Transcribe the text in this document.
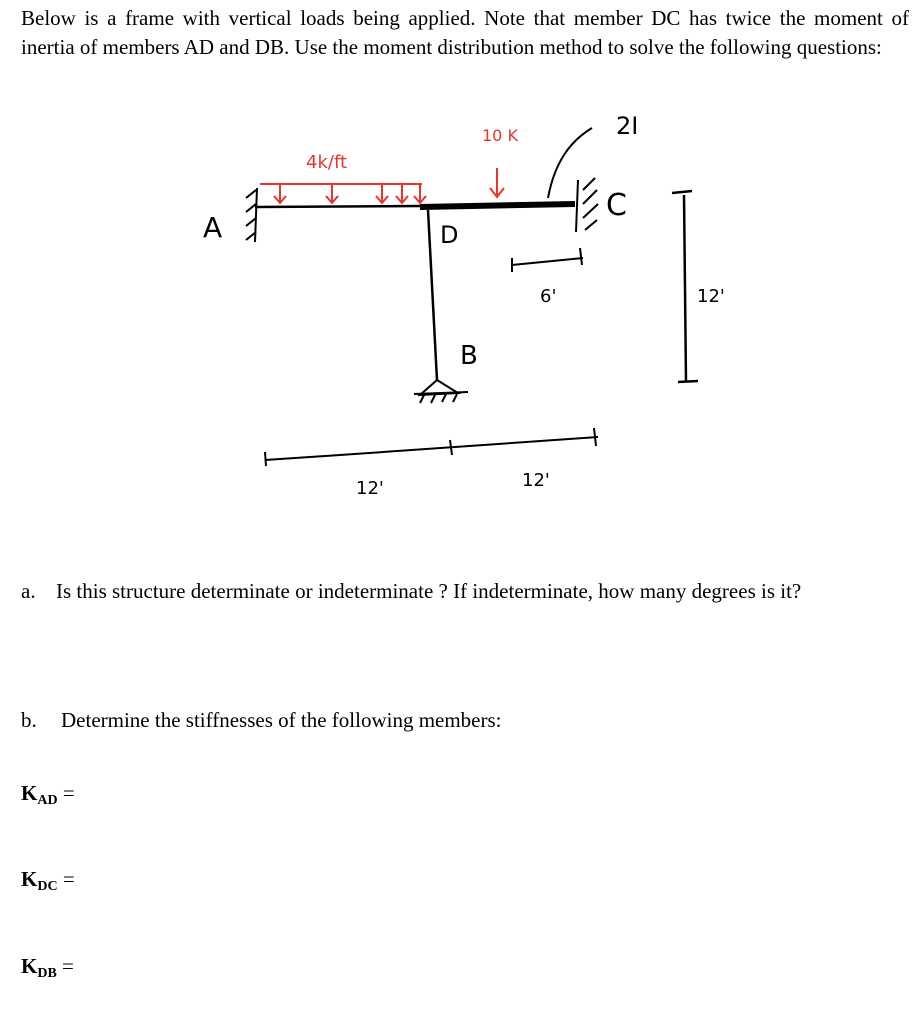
Below is a frame with vertical loads being applied. Note that member DC has twice the moment of inertia of members AD and DB. Use the moment distribution method to solve the following questions:

4k/ft
10 K	2I
A	D
B
C
6'	12'
12'	12'
a. Is this structure determinate or indeterminate ? If indeterminate, how many degrees is it?
b. Determine the stiffnesses of the following members:
KAD =
KDC =
KDB =
